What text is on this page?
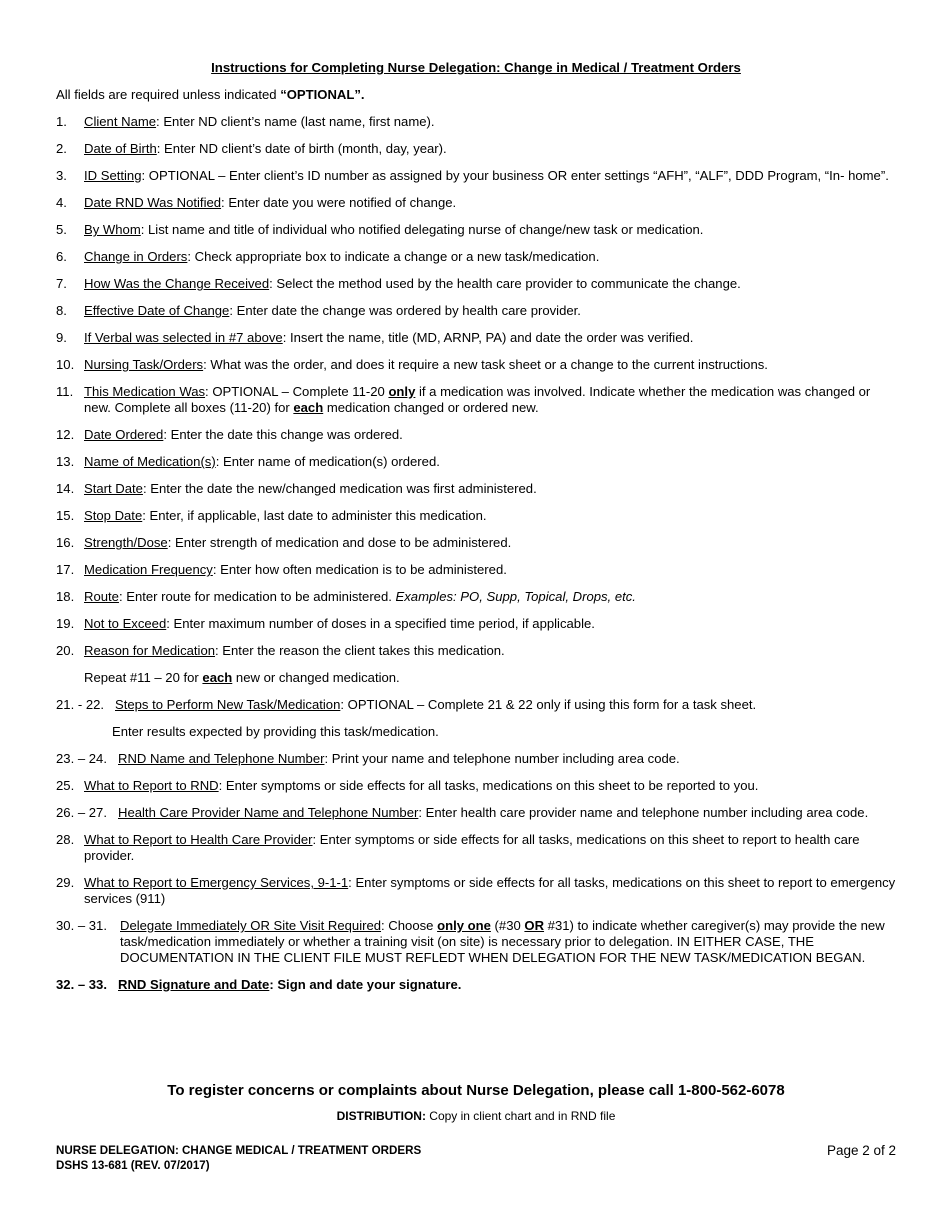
Instructions for Completing Nurse Delegation: Change in Medical / Treatment Orders
All fields are required unless indicated “OPTIONAL”.
1.	Client Name: Enter ND client’s name (last name, first name).
2.	Date of Birth: Enter ND client’s date of birth (month, day, year).
3.	ID Setting: OPTIONAL – Enter client’s ID number as assigned by your business OR enter settings “AFH”, “ALF”, DDD Program, “In- home”.
4.	Date RND Was Notified: Enter date you were notified of change.
5.	By Whom: List name and title of individual who notified delegating nurse of change/new task or medication.
6.	Change in Orders: Check appropriate box to indicate a change or a new task/medication.
7.	How Was the Change Received: Select the method used by the health care provider to communicate the change.
8.	Effective Date of Change: Enter date the change was ordered by health care provider.
9.	If Verbal was selected in #7 above: Insert the name, title (MD, ARNP, PA) and date the order was verified.
10. Nursing Task/Orders: What was the order, and does it require a new task sheet or a change to the current instructions.
11. This Medication Was: OPTIONAL – Complete 11-20 only if a medication was involved. Indicate whether the medication was changed or new. Complete all boxes (11-20) for each medication changed or ordered new.
12. Date Ordered: Enter the date this change was ordered.
13. Name of Medication(s): Enter name of medication(s) ordered.
14. Start Date: Enter the date the new/changed medication was first administered.
15. Stop Date: Enter, if applicable, last date to administer this medication.
16. Strength/Dose: Enter strength of medication and dose to be administered.
17. Medication Frequency: Enter how often medication is to be administered.
18. Route: Enter route for medication to be administered. Examples: PO, Supp, Topical, Drops, etc.
19. Not to Exceed: Enter maximum number of doses in a specified time period, if applicable.
20. Reason for Medication: Enter the reason the client takes this medication.
Repeat #11 – 20 for each new or changed medication.
21. - 22. Steps to Perform New Task/Medication: OPTIONAL – Complete 21 & 22 only if using this form for a task sheet.
Enter results expected by providing this task/medication.
23. – 24. RND Name and Telephone Number: Print your name and telephone number including area code.
25. What to Report to RND: Enter symptoms or side effects for all tasks, medications on this sheet to be reported to you.
26. – 27. Health Care Provider Name and Telephone Number: Enter health care provider name and telephone number including area code.
28. What to Report to Health Care Provider: Enter symptoms or side effects for all tasks, medications on this sheet to report to health care provider.
29. What to Report to Emergency Services, 9-1-1: Enter symptoms or side effects for all tasks, medications on this sheet to report to emergency services (911)
30. – 31. Delegate Immediately OR Site Visit Required: Choose only one (#30 OR #31) to indicate whether caregiver(s) may provide the new task/medication immediately or whether a training visit (on site) is necessary prior to delegation. IN EITHER CASE, THE DOCUMENTATION IN THE CLIENT FILE MUST REFLEDT WHEN DELEGATION FOR THE NEW TASK/MEDICATION BEGAN.
32. – 33. RND Signature and Date: Sign and date your signature.
To register concerns or complaints about Nurse Delegation, please call 1-800-562-6078
DISTRIBUTION: Copy in client chart and in RND file
NURSE DELEGATION: CHANGE MEDICAL / TREATMENT ORDERS
DSHS 13-681 (REV. 07/2017)
Page 2 of 2
